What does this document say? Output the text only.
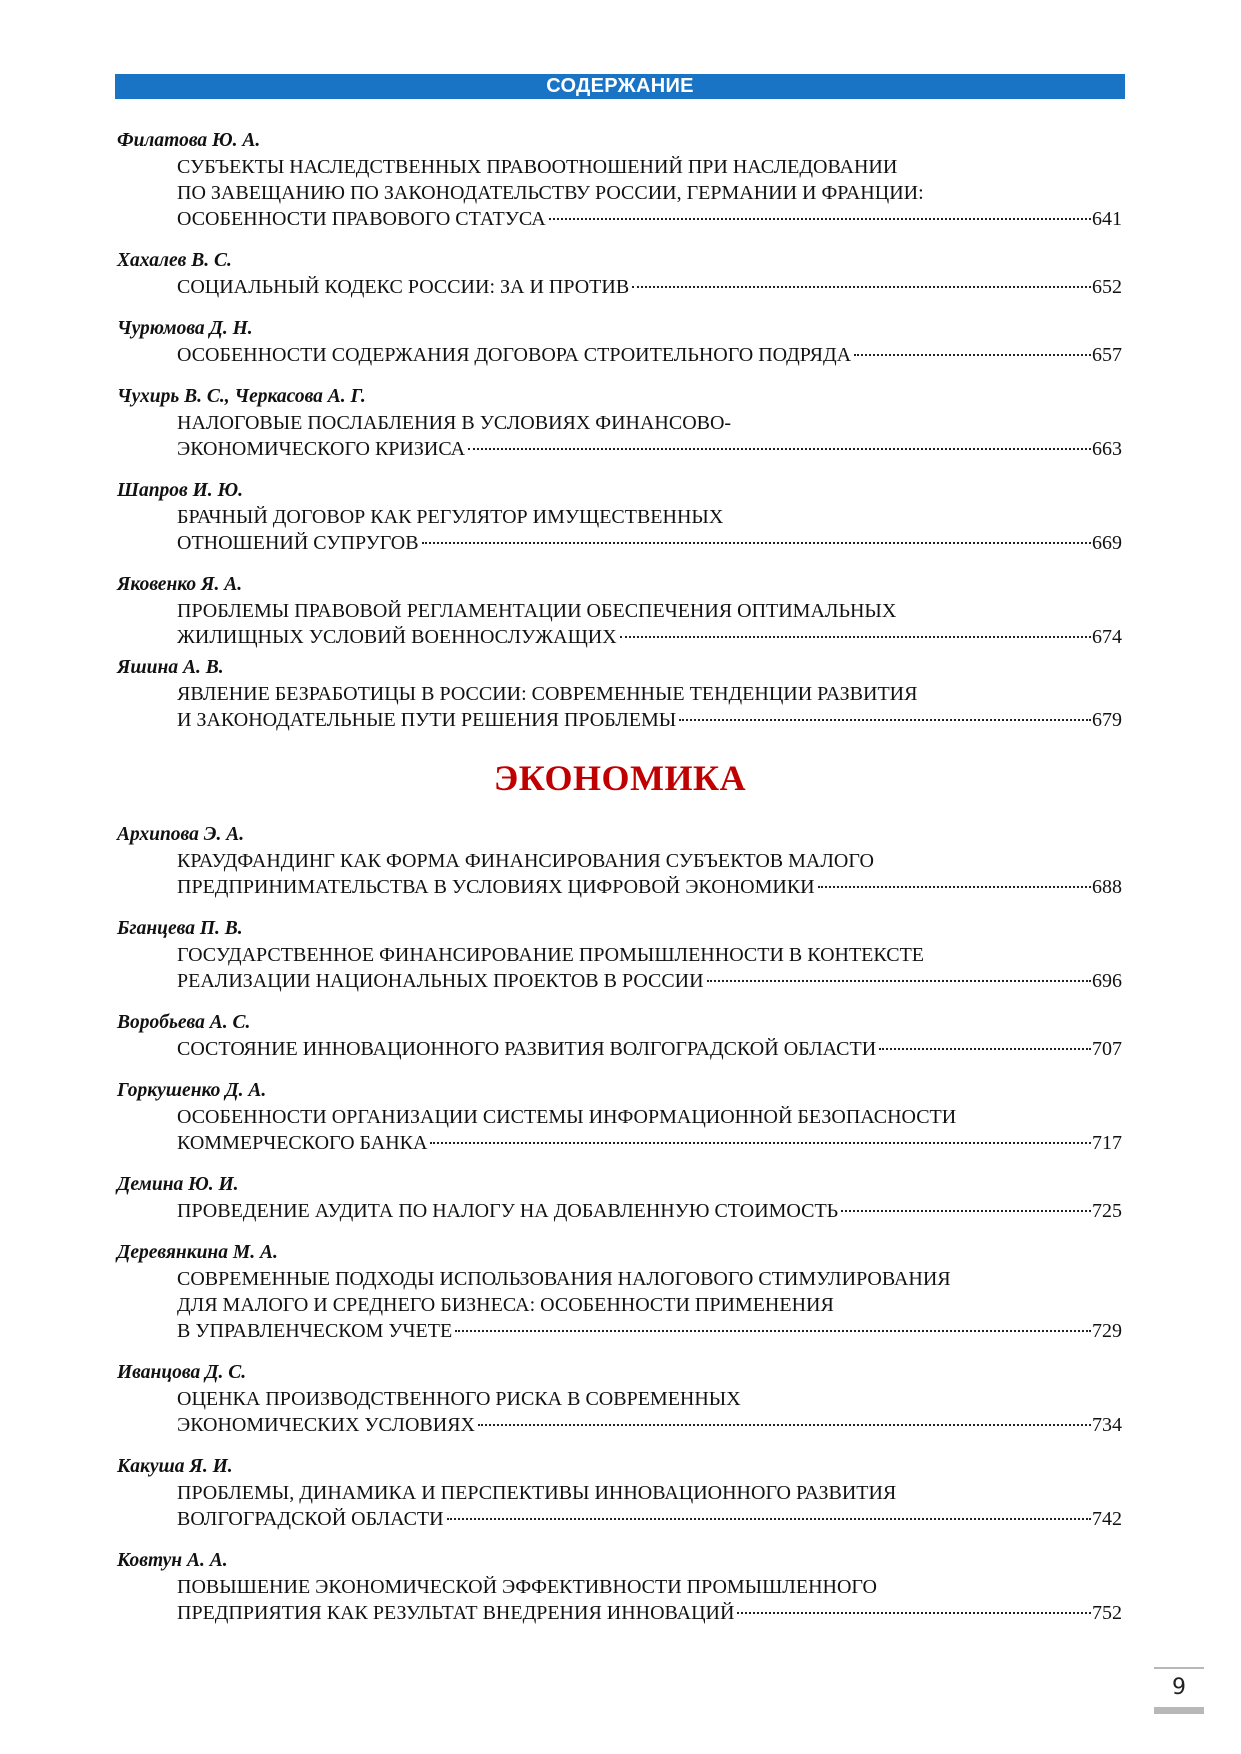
СОДЕРЖАНИЕ
Филатова Ю. А.
СУБЪЕКТЫ НАСЛЕДСТВЕННЫХ ПРАВООТНОШЕНИЙ ПРИ НАСЛЕДОВАНИИ
ПО ЗАВЕЩАНИЮ ПО ЗАКОНОДАТЕЛЬСТВУ РОССИИ, ГЕРМАНИИ И ФРАНЦИИ:
ОСОБЕННОСТИ ПРАВОВОГО СТАТУСА	641
Хахалев В. С.
СОЦИАЛЬНЫЙ КОДЕКС РОССИИ: ЗА И ПРОТИВ	652
Чурюмова Д. Н.
ОСОБЕННОСТИ СОДЕРЖАНИЯ ДОГОВОРА СТРОИТЕЛЬНОГО ПОДРЯДА	657
Чухирь В. С., Черкасова А. Г.
НАЛОГОВЫЕ ПОСЛАБЛЕНИЯ В УСЛОВИЯХ ФИНАНСОВО-
ЭКОНОМИЧЕСКОГО КРИЗИСА	663
Шапров И. Ю.
БРАЧНЫЙ ДОГОВОР КАК РЕГУЛЯТОР ИМУЩЕСТВЕННЫХ
ОТНОШЕНИЙ СУПРУГОВ	669
Яковенко Я. А.
ПРОБЛЕМЫ ПРАВОВОЙ РЕГЛАМЕНТАЦИИ ОБЕСПЕЧЕНИЯ ОПТИМАЛЬНЫХ
ЖИЛИЩНЫХ УСЛОВИЙ ВОЕННОСЛУЖАЩИХ	674
Яшина А. В.
ЯВЛЕНИЕ БЕЗРАБОТИЦЫ В РОССИИ: СОВРЕМЕННЫЕ ТЕНДЕНЦИИ РАЗВИТИЯ
И ЗАКОНОДАТЕЛЬНЫЕ ПУТИ РЕШЕНИЯ ПРОБЛЕМЫ	679
ЭКОНОМИКА
Архипова Э. А.
КРАУДФАНДИНГ КАК ФОРМА ФИНАНСИРОВАНИЯ СУБЪЕКТОВ МАЛОГО
ПРЕДПРИНИМАТЕЛЬСТВА В УСЛОВИЯХ ЦИФРОВОЙ ЭКОНОМИКИ	688
Бганцева П. В.
ГОСУДАРСТВЕННОЕ ФИНАНСИРОВАНИЕ ПРОМЫШЛЕННОСТИ В КОНТЕКСТЕ
РЕАЛИЗАЦИИ НАЦИОНАЛЬНЫХ ПРОЕКТОВ В РОССИИ	696
Воробьева А. С.
СОСТОЯНИЕ ИННОВАЦИОННОГО РАЗВИТИЯ ВОЛГОГРАДСКОЙ ОБЛАСТИ	707
Горкушенко Д. А.
ОСОБЕННОСТИ ОРГАНИЗАЦИИ СИСТЕМЫ ИНФОРМАЦИОННОЙ БЕЗОПАСНОСТИ
КОММЕРЧЕСКОГО БАНКА	717
Демина Ю. И.
ПРОВЕДЕНИЕ АУДИТА ПО НАЛОГУ НА ДОБАВЛЕННУЮ СТОИМОСТЬ	725
Деревянкина М. А.
СОВРЕМЕННЫЕ ПОДХОДЫ ИСПОЛЬЗОВАНИЯ НАЛОГОВОГО СТИМУЛИРОВАНИЯ
ДЛЯ МАЛОГО И СРЕДНЕГО БИЗНЕСА: ОСОБЕННОСТИ ПРИМЕНЕНИЯ
В УПРАВЛЕНЧЕСКОМ УЧЕТЕ	729
Иванцова Д. С.
ОЦЕНКА ПРОИЗВОДСТВЕННОГО РИСКА В СОВРЕМЕННЫХ
ЭКОНОМИЧЕСКИХ УСЛОВИЯХ	734
Какуша Я. И.
ПРОБЛЕМЫ, ДИНАМИКА И ПЕРСПЕКТИВЫ ИННОВАЦИОННОГО РАЗВИТИЯ
ВОЛГОГРАДСКОЙ ОБЛАСТИ	742
Ковтун А. А.
ПОВЫШЕНИЕ ЭКОНОМИЧЕСКОЙ ЭФФЕКТИВНОСТИ ПРОМЫШЛЕННОГО
ПРЕДПРИЯТИЯ КАК РЕЗУЛЬТАТ ВНЕДРЕНИЯ ИННОВАЦИЙ	752
9
